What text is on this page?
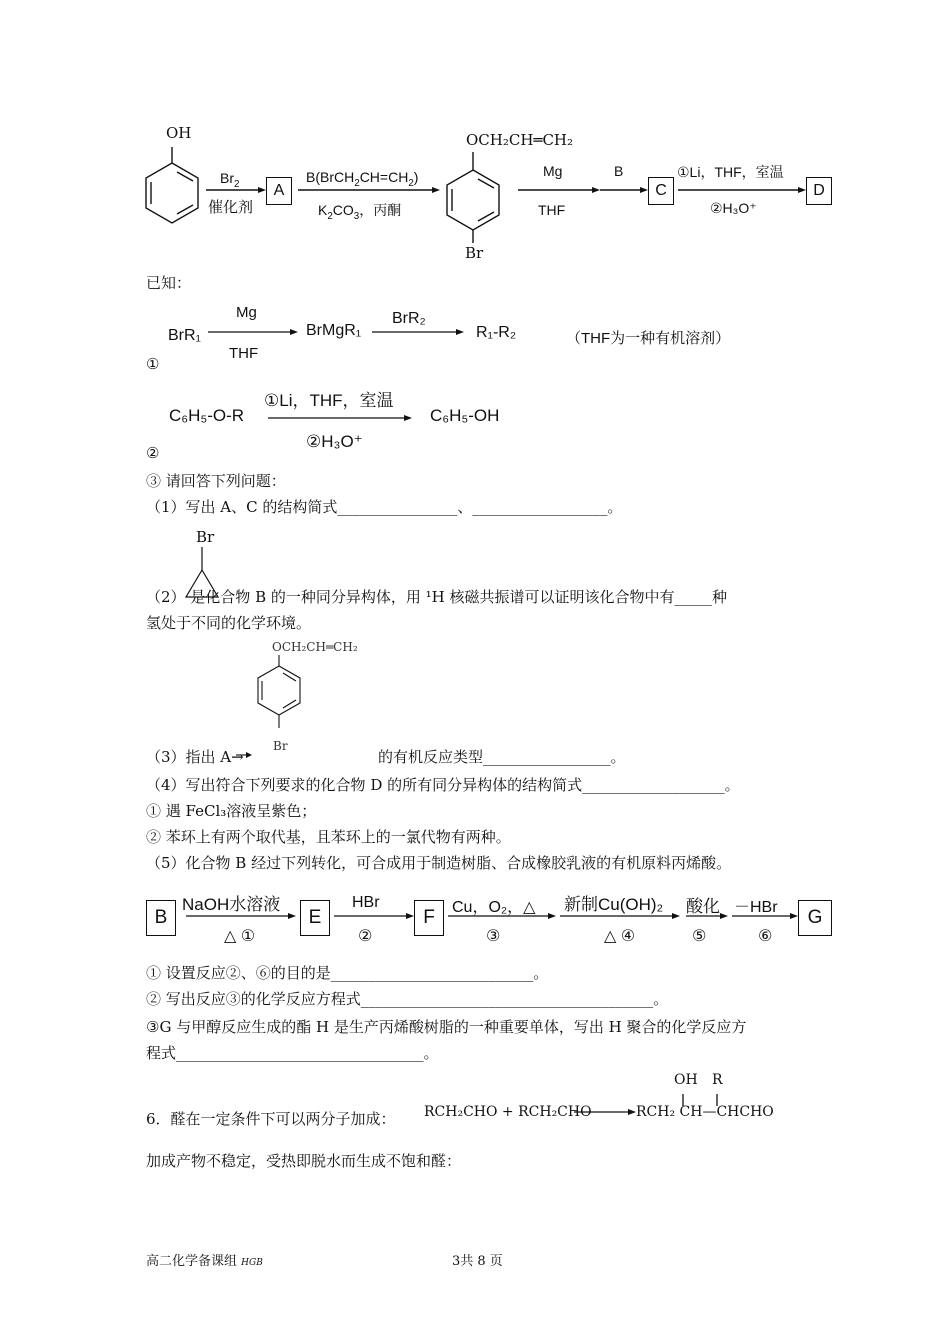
OH
$Br_2$
催化剂
A
$B(BrCH_2CH=CH_2)$
$K_2CO_3$，丙酮
OCH₂CH═CH₂
Br
Mg
THF
B
C
①Li，THF，室温
②H₃O⁺
D
已知：
BrR₁
Mg
THF
BrMgR₁
BrR₂
R₁-R₂	（THF为一种有机溶剂）
①
C₆H₅-O-R
①Li，THF，室温
②H₃O⁺
C₆H₅-OH
②
③ 请回答下列问题：
（1）写出 A、C 的结构简式________________、__________________。
Br
（2） 是化合物 B 的一种同分异构体，用 ¹H 核磁共振谱可以证明该化合物中有_____种
氢处于不同的化学环境。
OCH₂CH═CH₂
Br
（3）指出 A→	的有机反应类型_________________。
（4）写出符合下列要求的化合物 D 的所有同分异构体的结构简式___________________。
① 遇 FeCl₃溶液呈紫色；
② 苯环上有两个取代基，且苯环上的一氯代物有两种。
（5）化合物 B 经过下列转化，可合成用于制造树脂、合成橡胶乳液的有机原料丙烯酸。
B
NaOH水溶液
△ ①
E
HBr
②
F	Cu，O₂，△
③
新制Cu(OH)₂
△ ④
酸化
⑤
－HBr
⑥
G
① 设置反应②、⑥的目的是___________________________。
② 写出反应③的化学反应方程式_______________________________________。
③G 与甲醇反应生成的酯 H 是生产丙烯酸树脂的一种重要单体，写出 H 聚合的化学反应方
程式_________________________________。
6．醛在一定条件下可以两分子加成： RCH₂CHO + RCH₂CHO	RCH₂ CH—CHCHO
OH R
加成产物不稳定，受热即脱水而生成不饱和醛：
高二化学备课组 HGB	3共 8 页
